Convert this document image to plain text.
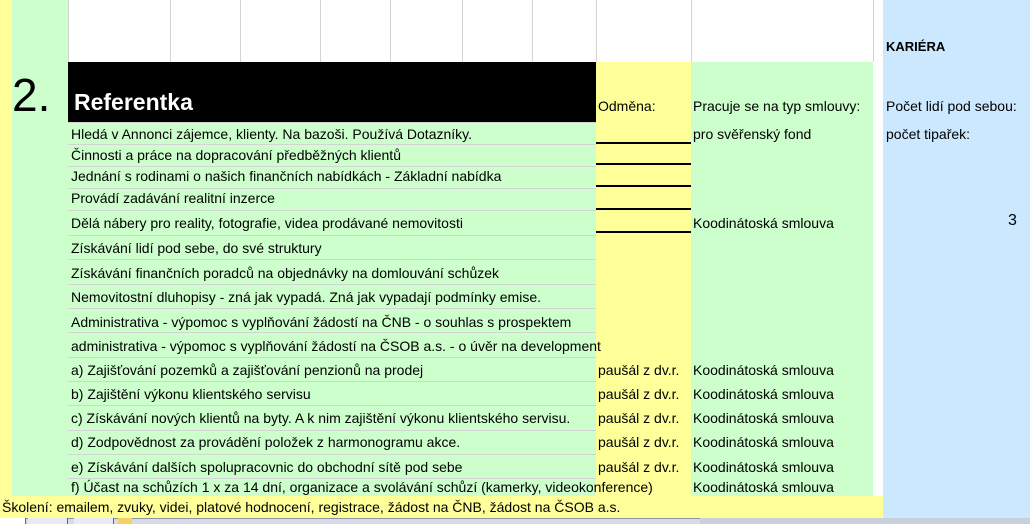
Referentka
2.	Odměna:	Pracuje se na typ smlouvy:
KARIÉRA
Počet lidí pod sebou:
počet tipařek:
3
Hledá v Annonci zájemce, klienty. Na bazoši. Používá Dotazníky.
Činnosti a práce na dopracování předběžných klientů
Jednání s rodinami o našich finančních nabídkách - Základní nabídka
Provádí zadávání realitní inzerce
Dělá nábery pro reality, fotografie, videa prodávané nemovitosti
Získávání lidí pod sebe, do své struktury
Získávání finančních poradců na objednávky na domlouvání schůzek
Nemovitostní dluhopisy - zná jak vypadá. Zná jak vypadají podmínky emise.
Administrativa - výpomoc s vyplňování žádostí na ČNB - o souhlas s prospektem
administrativa - výpomoc s vyplňování žádostí na ČSOB a.s. - o úvěr na development
a) Zajišťování pozemků a zajišťování penzionů na prodej
b) Zajištění výkonu klientského servisu
c) Získávání nových klientů na byty. A k nim zajištění výkonu klientského servisu.
d) Zodpovědnost za provádění položek z harmonogramu akce.
e) Získávání dalších spolupracovnic do obchodní sítě pod sebe
f) Účast na schůzích 1 x za 14 dní, organizace a svolávání schůzí (kamerky, videokonference)
paušál z dv.r.
paušál z dv.r.
paušál z dv.r.
paušál z dv.r.
paušál z dv.r.
pro svěřenský fond
Koodinátoská smlouva
Koodinátoská smlouva
Koodinátoská smlouva
Koodinátoská smlouva
Koodinátoská smlouva
Koodinátoská smlouva
Koodinátoská smlouva
Školení: emailem, zvuky, videi, platové hodnocení, registrace, žádost na ČNB, žádost na ČSOB a.s.
